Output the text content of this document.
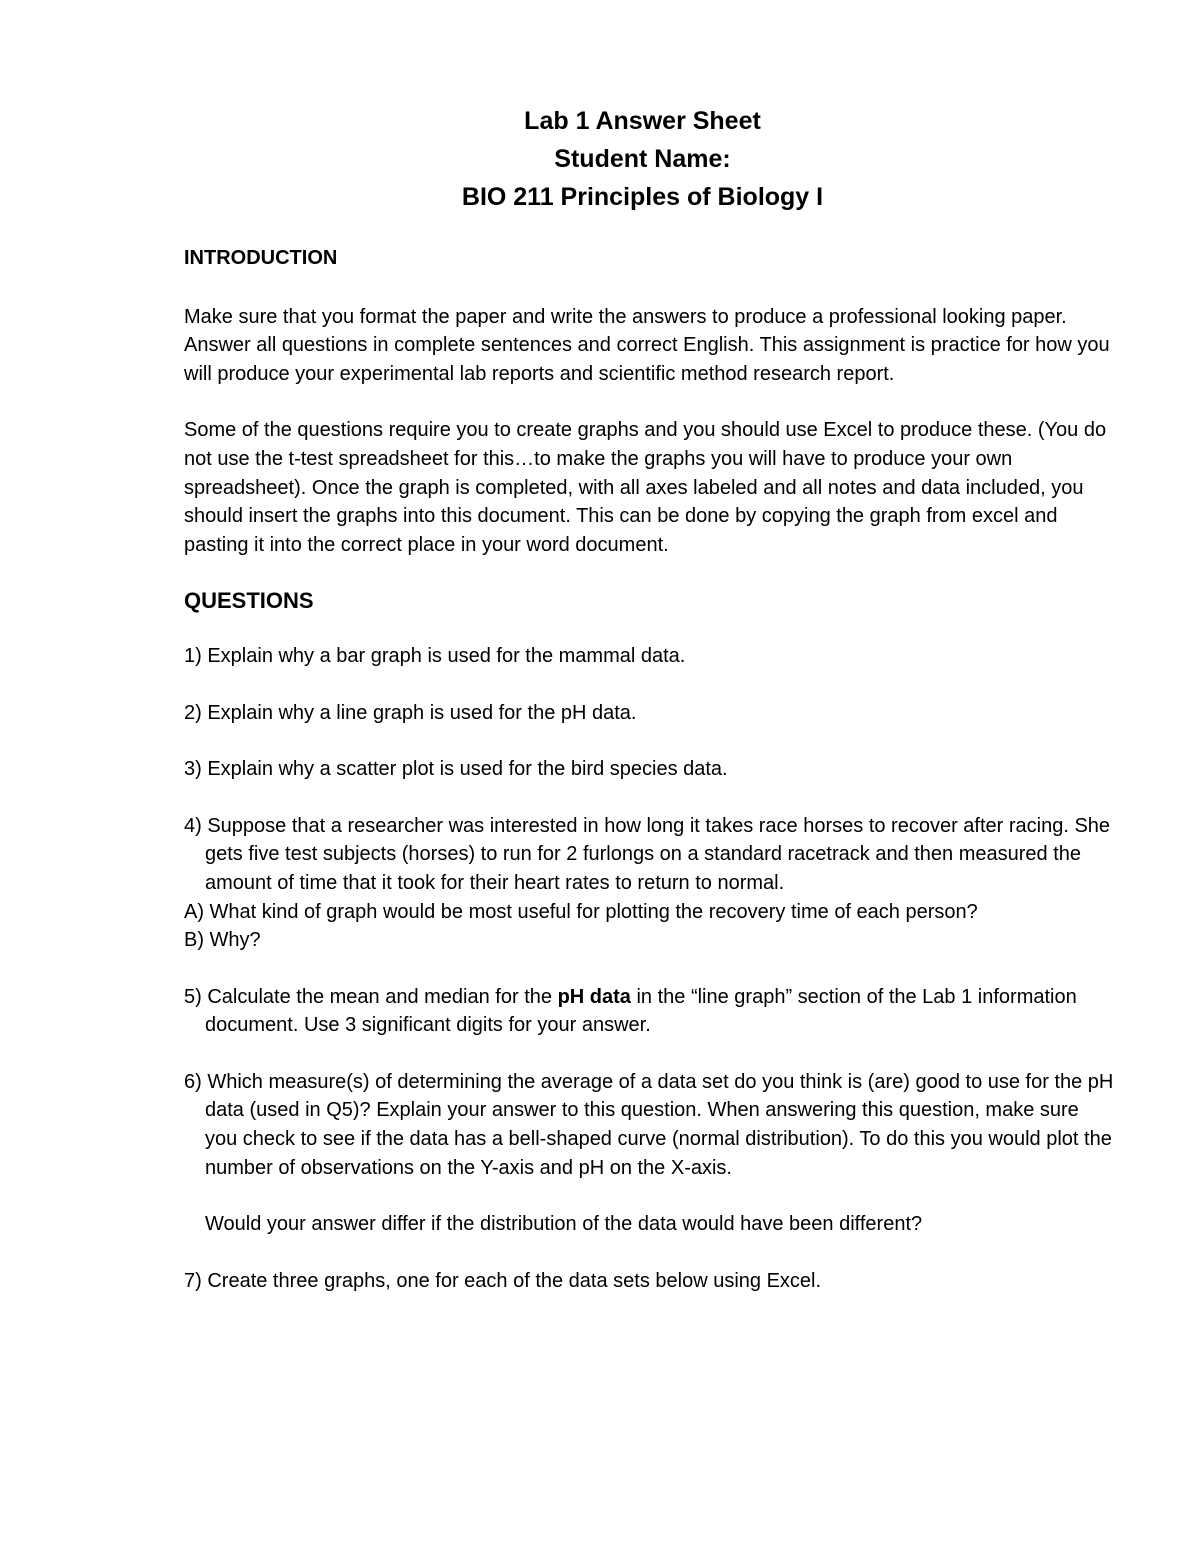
Lab 1 Answer Sheet
Student Name:
BIO 211 Principles of Biology I
INTRODUCTION
Make sure that you format the paper and write the answers to produce a professional looking paper. Answer all questions in complete sentences and correct English. This assignment is practice for how you will produce your experimental lab reports and scientific method research report.
Some of the questions require you to create graphs and you should use Excel to produce these. (You do not use the t-test spreadsheet for this…to make the graphs you will have to produce your own spreadsheet). Once the graph is completed, with all axes labeled and all notes and data included, you should insert the graphs into this document. This can be done by copying the graph from excel and pasting it into the correct place in your word document.
QUESTIONS
1) Explain why a bar graph is used for the mammal data.
2) Explain why a line graph is used for the pH data.
3) Explain why a scatter plot is used for the bird species data.
4) Suppose that a researcher was interested in how long it takes race horses to recover after racing. She gets five test subjects (horses) to run for 2 furlongs on a standard racetrack and then measured the amount of time that it took for their heart rates to return to normal.
A) What kind of graph would be most useful for plotting the recovery time of each person?
B) Why?
5) Calculate the mean and median for the pH data in the “line graph” section of the Lab 1 information document. Use 3 significant digits for your answer.
6) Which measure(s) of determining the average of a data set do you think is (are) good to use for the pH data (used in Q5)? Explain your answer to this question. When answering this question, make sure you check to see if the data has a bell-shaped curve (normal distribution). To do this you would plot the number of observations on the Y-axis and pH on the X-axis.
Would your answer differ if the distribution of the data would have been different?
7) Create three graphs, one for each of the data sets below using Excel.
